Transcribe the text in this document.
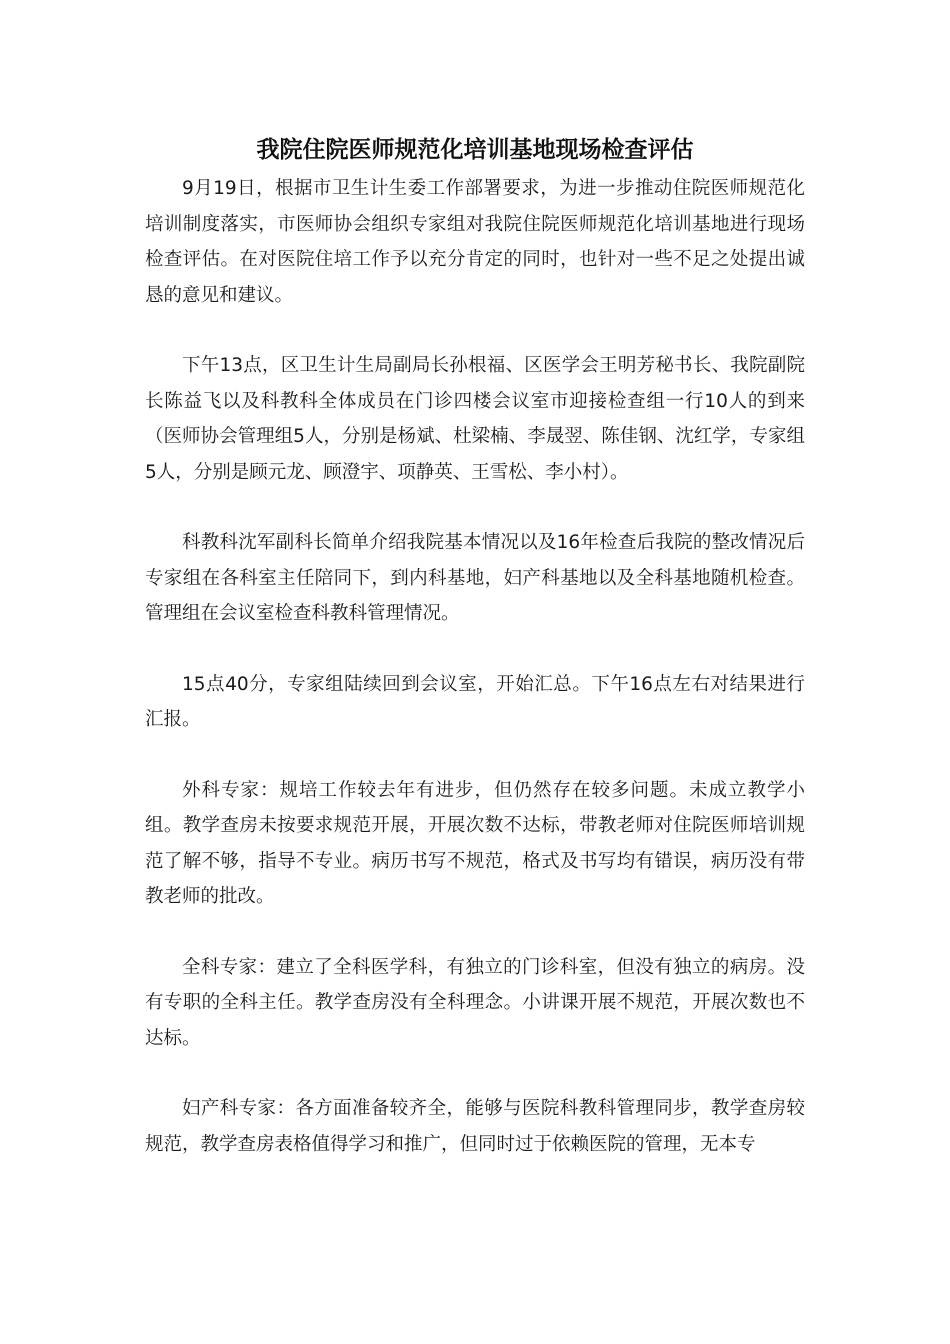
我院住院医师规范化培训基地现场检查评估

9月19日，根据市卫生计生委工作部署要求，为进一步推动住院医师规范化培训制度落实，市医师协会组织专家组对我院住院医师规范化培训基地进行现场检查评估。在对医院住培工作予以充分肯定的同时，也针对一些不足之处提出诚恳的意见和建议。

下午13点，区卫生计生局副局长孙根福、区医学会王明芳秘书长、我院副院长陈益飞以及科教科全体成员在门诊四楼会议室市迎接检查组一行10人的到来（医师协会管理组5人，分别是杨斌、杜梁楠、李晟翌、陈佳钢、沈红学，专家组5人，分别是顾元龙、顾澄宇、项静英、王雪松、李小村）。

科教科沈军副科长简单介绍我院基本情况以及16年检查后我院的整改情况后专家组在各科室主任陪同下，到内科基地，妇产科基地以及全科基地随机检查。管理组在会议室检查科教科管理情况。

15点40分，专家组陆续回到会议室，开始汇总。下午16点左右对结果进行汇报。

外科专家：规培工作较去年有进步，但仍然存在较多问题。未成立教学小组。教学查房未按要求规范开展，开展次数不达标，带教老师对住院医师培训规范了解不够，指导不专业。病历书写不规范，格式及书写均有错误，病历没有带教老师的批改。

全科专家：建立了全科医学科，有独立的门诊科室，但没有独立的病房。没有专职的全科主任。教学查房没有全科理念。小讲课开展不规范，开展次数也不达标。

妇产科专家：各方面准备较齐全，能够与医院科教科管理同步，教学查房较规范，教学查房表格值得学习和推广，但同时过于依赖医院的管理，无本专
